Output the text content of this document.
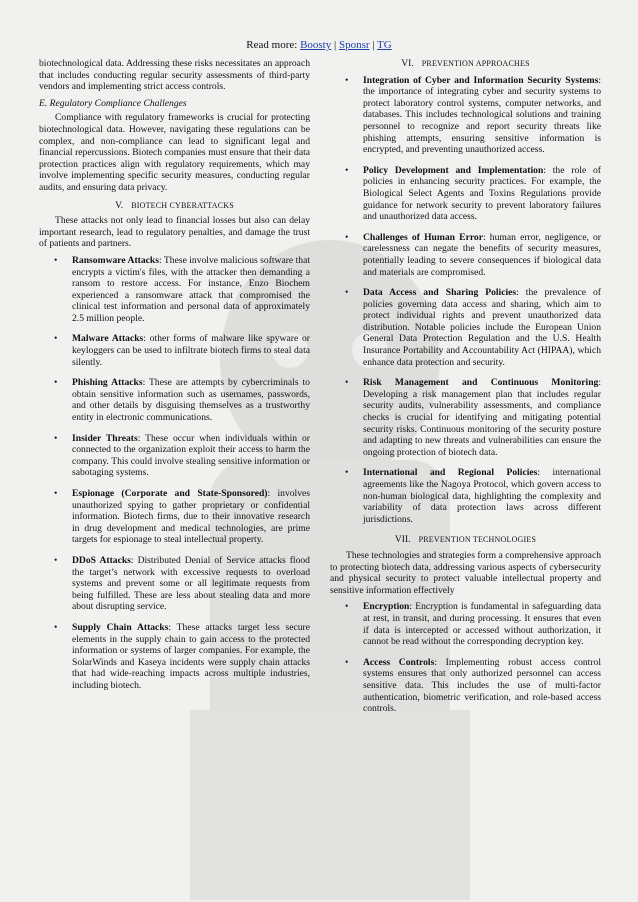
Read more: Boosty | Sponsr | TG

biotechnological data. Addressing these risks necessitates an approach that includes conducting regular security assessments of third-party vendors and implementing strict access controls.

E. Regulatory Compliance Challenges

Compliance with regulatory frameworks is crucial for protecting biotechnological data. However, navigating these regulations can be complex, and non-compliance can lead to significant legal and financial repercussions. Biotech companies must ensure that their data protection practices align with regulatory requirements, which may involve implementing specific security measures, conducting regular audits, and ensuring data privacy.

V. BIOTECH CYBERATTACKS

These attacks not only lead to financial losses but also can delay important research, lead to regulatory penalties, and damage the trust of patients and partners.

• Ransomware Attacks: These involve malicious software that encrypts a victim's files, with the attacker then demanding a ransom to restore access. For instance, Enzo Biochem experienced a ransomware attack that compromised the clinical test information and personal data of approximately 2.5 million people.
• Malware Attacks: other forms of malware like spyware or keyloggers can be used to infiltrate biotech firms to steal data silently.
• Phishing Attacks: These are attempts by cybercriminals to obtain sensitive information such as usernames, passwords, and other details by disguising themselves as a trustworthy entity in electronic communications.
• Insider Threats: These occur when individuals within or connected to the organization exploit their access to harm the company. This could involve stealing sensitive information or sabotaging systems.
• Espionage (Corporate and State-Sponsored): involves unauthorized spying to gather proprietary or confidential information. Biotech firms, due to their innovative research in drug development and medical technologies, are prime targets for espionage to steal intellectual property.
• DDoS Attacks: Distributed Denial of Service attacks flood the target’s network with excessive requests to overload systems and prevent some or all legitimate requests from being fulfilled. These are less about stealing data and more about disrupting service.
• Supply Chain Attacks: These attacks target less secure elements in the supply chain to gain access to the protected information or systems of larger companies. For example, the SolarWinds and Kaseya incidents were supply chain attacks that had wide-reaching impacts across multiple industries, including biotech.

VI. PREVENTION APPROACHES

• Integration of Cyber and Information Security Systems: the importance of integrating cyber and security systems to protect laboratory control systems, computer networks, and databases. This includes technological solutions and training personnel to recognize and report security threats like phishing attempts, ensuring sensitive information is encrypted, and preventing unauthorized access.
• Policy Development and Implementation: the role of policies in enhancing security practices. For example, the Biological Select Agents and Toxins Regulations provide guidance for network security to prevent laboratory failures and unauthorized data access.
• Challenges of Human Error: human error, negligence, or carelessness can negate the benefits of security measures, potentially leading to severe consequences if biological data and materials are compromised.
• Data Access and Sharing Policies: the prevalence of policies governing data access and sharing, which aim to protect individual rights and prevent unauthorized data distribution. Notable policies include the European Union General Data Protection Regulation and the U.S. Health Insurance Portability and Accountability Act (HIPAA), which enhance data protection and security.
• Risk Management and Continuous Monitoring: Developing a risk management plan that includes regular security audits, vulnerability assessments, and compliance checks is crucial for identifying and mitigating potential security risks. Continuous monitoring of the security posture and adapting to new threats and vulnerabilities can ensure the ongoing protection of biotech data.
• International and Regional Policies: international agreements like the Nagoya Protocol, which govern access to non-human biological data, highlighting the complexity and variability of data protection laws across different jurisdictions.

VII. PREVENTION TECHNOLOGIES

These technologies and strategies form a comprehensive approach to protecting biotech data, addressing various aspects of cybersecurity and physical security to protect valuable intellectual property and sensitive information effectively

• Encryption: Encryption is fundamental in safeguarding data at rest, in transit, and during processing. It ensures that even if data is intercepted or accessed without authorization, it cannot be read without the corresponding decryption key.
• Access Controls: Implementing robust access control systems ensures that only authorized personnel can access sensitive data. This includes the use of multi-factor authentication, biometric verification, and role-based access controls.
